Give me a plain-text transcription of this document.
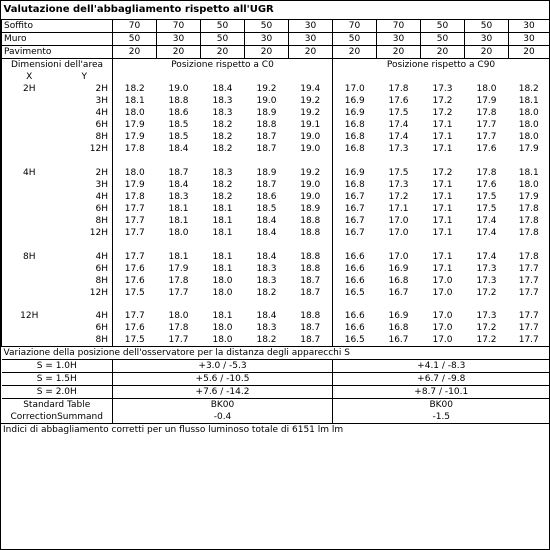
Valutazione dell'abbagliamento rispetto all'UGR											
Soffito		70	70	50	50	30	70	70	50	50	30
Muro		50	30	50	30	30	50	30	50	30	30
Pavimento		20	20	20	20	20	20	20	20	20	20
Dimensioni dell'area		Posizione rispetto a C0					Posizione rispetto a C90				
X	Y										
2H	2H	18.2	19.0	18.4	19.2	19.4	17.0	17.8	17.3	18.0	18.2
	3H	18.1	18.8	18.3	19.0	19.2	16.9	17.6	17.2	17.9	18.1
	4H	18.0	18.6	18.3	18.9	19.2	16.9	17.5	17.2	17.8	18.0
	6H	17.9	18.5	18.2	18.8	19.1	16.8	17.4	17.1	17.7	18.0
	8H	17.9	18.5	18.2	18.7	19.0	16.8	17.4	17.1	17.7	18.0
	12H	17.8	18.4	18.2	18.7	19.0	16.8	17.3	17.1	17.6	17.9

4H	2H	18.0	18.7	18.3	18.9	19.2	16.9	17.5	17.2	17.8	18.1
	3H	17.9	18.4	18.2	18.7	19.0	16.8	17.3	17.1	17.6	18.0
	4H	17.8	18.3	18.2	18.6	19.0	16.7	17.2	17.1	17.5	17.9
	6H	17.7	18.1	18.1	18.5	18.9	16.7	17.1	17.1	17.5	17.8
	8H	17.7	18.1	18.1	18.4	18.8	16.7	17.0	17.1	17.4	17.8
	12H	17.7	18.0	18.1	18.4	18.8	16.7	17.0	17.1	17.4	17.8

8H	4H	17.7	18.1	18.1	18.4	18.8	16.6	17.0	17.1	17.4	17.8
	6H	17.6	17.9	18.1	18.3	18.8	16.6	16.9	17.1	17.3	17.7
	8H	17.6	17.8	18.0	18.3	18.7	16.6	16.8	17.0	17.3	17.7
	12H	17.5	17.7	18.0	18.2	18.7	16.5	16.7	17.0	17.2	17.7

12H	4H	17.7	18.0	18.1	18.4	18.8	16.6	16.9	17.0	17.3	17.7
	6H	17.6	17.8	18.0	18.3	18.7	16.6	16.8	17.0	17.2	17.7
	8H	17.5	17.7	18.0	18.2	18.7	16.5	16.7	17.0	17.2	17.7
Variazione della posizione dell'osservatore per la distanza degli apparecchi S											
S = 1.0H		+3.0 / -5.3					+4.1 / -8.3				
S = 1.5H		+5.6 / -10.5					+6.7 / -9.8				
S = 2.0H		+7.6 / -14.2					+8.7 / -10.1				
Standard Table		BK00					BK00				
CorrectionSummand		-0.4					-1.5				
Indici di abbagliamento corretti per un flusso luminoso totale di 6151 lm lm
